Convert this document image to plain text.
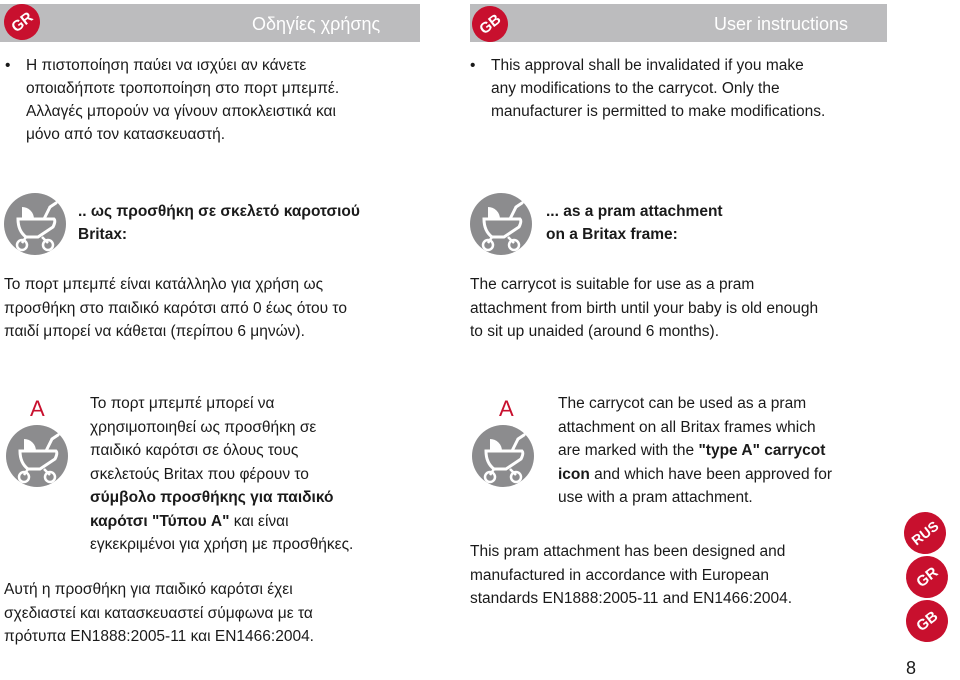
Οδηγίες χρήσης
GR	User instructions
GB
• Η πιστοποίηση παύει να ισχύει αν κάνετε
οποιαδήποτε τροποποίηση στο πορτ μπεμπέ.
Αλλαγές μπορούν να γίνουν αποκλειστικά και
μόνο από τον κατασκευαστή.
• This approval shall be invalidated if you make
any modifications to the carrycot. Only the
manufacturer is permitted to make modifications.
.. ως προσθήκη σε σκελετό καροτσιού
Britax:
... as a pram attachment
on a Britax frame:
Το πορτ μπεμπέ είναι κατάλληλο για χρήση ως
προσθήκη στο παιδικό καρότσι από 0 έως ότου το
παιδί μπορεί να κάθεται (περίπου 6 μηνών).
The carrycot is suitable for use as a pram
attachment from birth until your baby is old enough
to sit up unaided (around 6 months).
A	A
Το πορτ μπεμπέ μπορεί να
χρησιμοποιηθεί ως προσθήκη σε
παιδικό καρότσι σε όλους τους
σκελετούς Britax που φέρουν το
σύμβολο προσθήκης για παιδικό
καρότσι "Τύπου A" και είναι
εγκεκριμένοι για χρήση με προσθήκες.
The carrycot can be used as a pram
attachment on all Britax frames which
are marked with the "type A" carrycot
icon and which have been approved for
use with a pram attachment.
Αυτή η προσθήκη για παιδικό καρότσι έχει
σχεδιαστεί και κατασκευαστεί σύμφωνα με τα
πρότυπα EN1888:2005-11 και EN1466:2004.
This pram attachment has been designed and
manufactured in accordance with European
standards EN1888:2005-11 and EN1466:2004.
RUS
GR
GB
8
